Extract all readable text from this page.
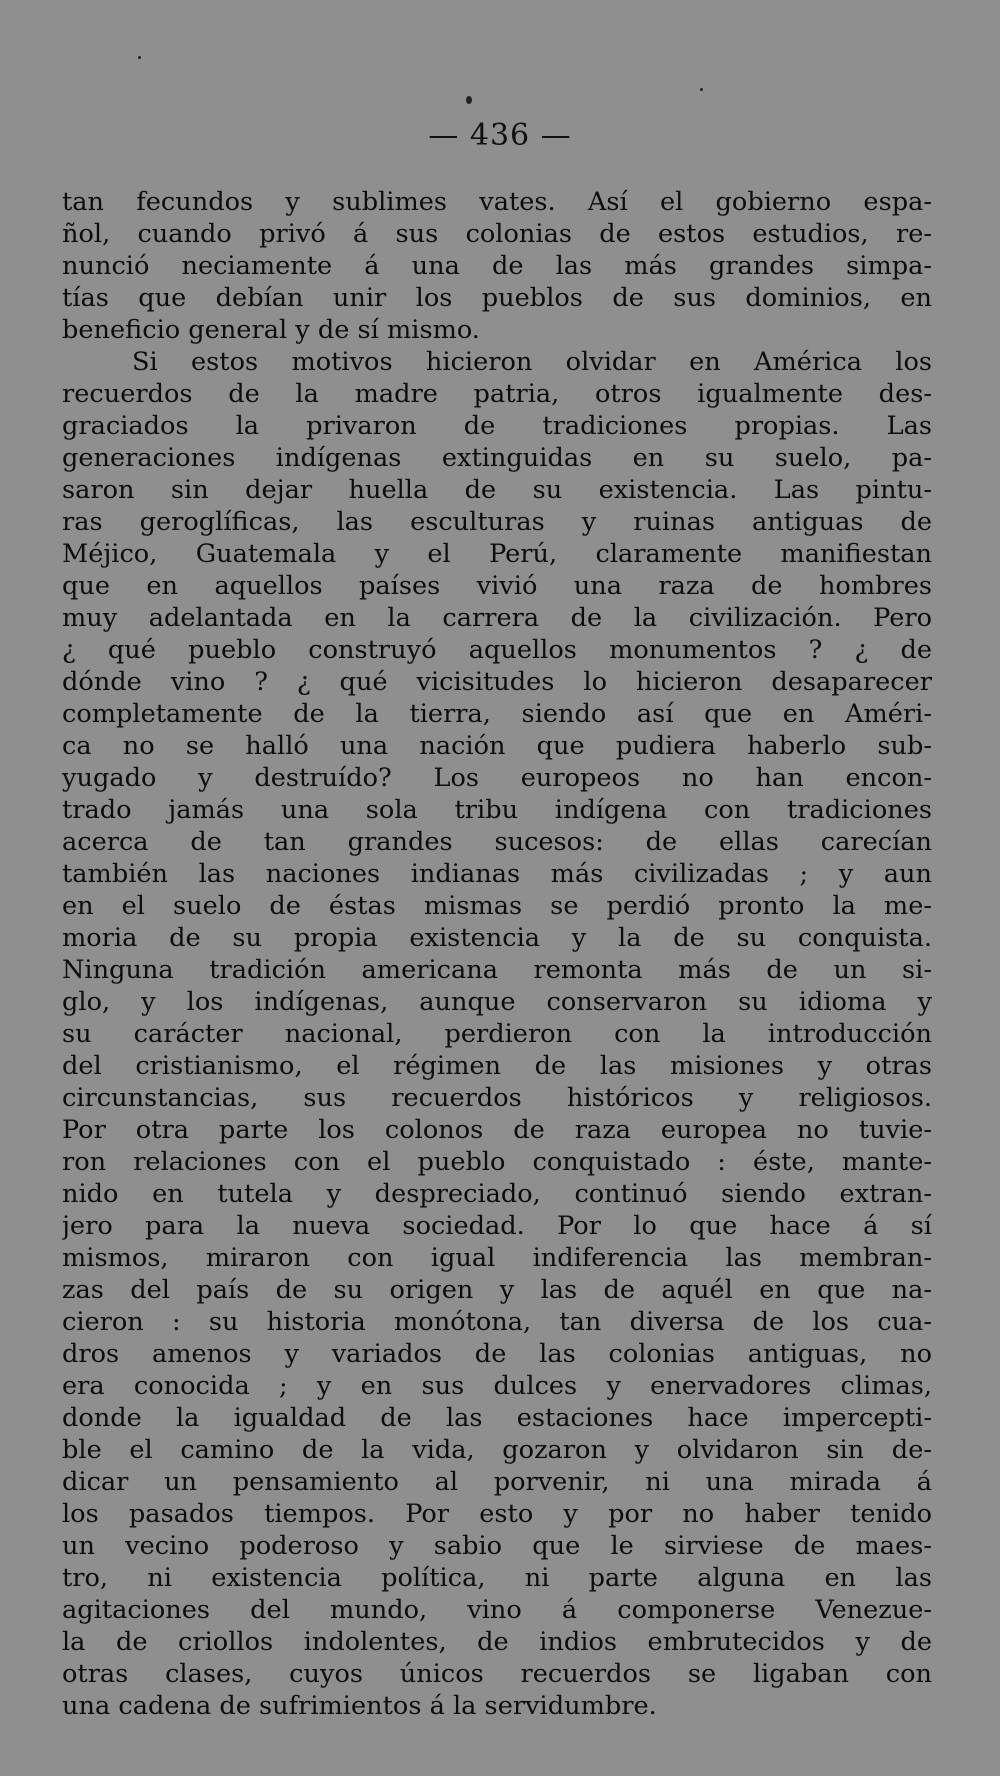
— 436 —
tan fecundos y sublimes vates. Así el gobierno espa-
ñol, cuando privó á sus colonias de estos estudios, re-
nunció neciamente á una de las más grandes simpa-
tías que debían unir los pueblos de sus dominios, en
beneficio general y de sí mismo.
Si estos motivos hicieron olvidar en América los
recuerdos de la madre patria, otros igualmente des-
graciados la privaron de tradiciones propias. Las
generaciones indígenas extinguidas en su suelo, pa-
saron sin dejar huella de su existencia. Las pintu-
ras geroglíficas, las esculturas y ruinas antiguas de
Méjico, Guatemala y el Perú, claramente manifiestan
que en aquellos países vivió una raza de hombres
muy adelantada en la carrera de la civilización. Pero
¿ qué pueblo construyó aquellos monumentos ? ¿ de
dónde vino ? ¿ qué vicisitudes lo hicieron desaparecer
completamente de la tierra, siendo así que en Améri-
ca no se halló una nación que pudiera haberlo sub-
yugado y destruído? Los europeos no han encon-
trado jamás una sola tribu indígena con tradiciones
acerca de tan grandes sucesos: de ellas carecían
también las naciones indianas más civilizadas ; y aun
en el suelo de éstas mismas se perdió pronto la me-
moria de su propia existencia y la de su conquista.
Ninguna tradición americana remonta más de un si-
glo, y los indígenas, aunque conservaron su idioma y
su carácter nacional, perdieron con la introducción
del cristianismo, el régimen de las misiones y otras
circunstancias, sus recuerdos históricos y religiosos.
Por otra parte los colonos de raza europea no tuvie-
ron relaciones con el pueblo conquistado : éste, mante-
nido en tutela y despreciado, continuó siendo extran-
jero para la nueva sociedad. Por lo que hace á sí
mismos, miraron con igual indiferencia las membran-
zas del país de su origen y las de aquél en que na-
cieron : su historia monótona, tan diversa de los cua-
dros amenos y variados de las colonias antiguas, no
era conocida ; y en sus dulces y enervadores climas,
donde la igualdad de las estaciones hace impercepti-
ble el camino de la vida, gozaron y olvidaron sin de-
dicar un pensamiento al porvenir, ni una mirada á
los pasados tiempos. Por esto y por no haber tenido
un vecino poderoso y sabio que le sirviese de maes-
tro, ni existencia política, ni parte alguna en las
agitaciones del mundo, vino á componerse Venezue-
la de criollos indolentes, de indios embrutecidos y de
otras clases, cuyos únicos recuerdos se ligaban con
una cadena de sufrimientos á la servidumbre.
